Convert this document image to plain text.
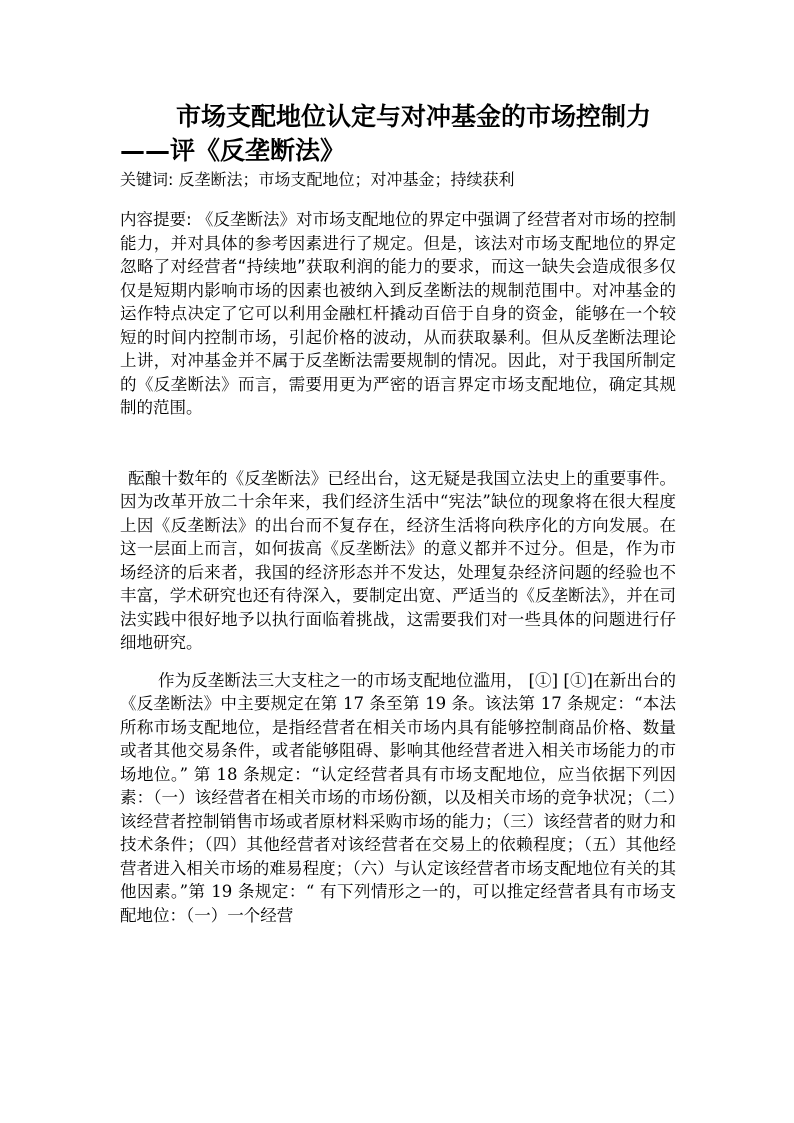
市场支配地位认定与对冲基金的市场控制力——评《反垄断法》

关键词: 反垄断法；市场支配地位；对冲基金；持续获利

内容提要: 《反垄断法》对市场支配地位的界定中强调了经营者对市场的控制能力，并对具体的参考因素进行了规定。但是，该法对市场支配地位的界定忽略了对经营者“持续地”获取利润的能力的要求，而这一缺失会造成很多仅仅是短期内影响市场的因素也被纳入到反垄断法的规制范围中。对冲基金的运作特点决定了它可以利用金融杠杆撬动百倍于自身的资金，能够在一个较短的时间内控制市场，引起价格的波动，从而获取暴利。但从反垄断法理论上讲，对冲基金并不属于反垄断法需要规制的情况。因此，对于我国所制定的《反垄断法》而言，需要用更为严密的语言界定市场支配地位，确定其规制的范围。

酝酿十数年的《反垄断法》已经出台，这无疑是我国立法史上的重要事件。因为改革开放二十余年来，我们经济生活中“宪法”缺位的现象将在很大程度上因《反垄断法》的出台而不复存在，经济生活将向秩序化的方向发展。在这一层面上而言，如何拔高《反垄断法》的意义都并不过分。但是，作为市场经济的后来者，我国的经济形态并不发达，处理复杂经济问题的经验也不丰富，学术研究也还有待深入，要制定出宽、严适当的《反垄断法》，并在司法实践中很好地予以执行面临着挑战，这需要我们对一些具体的问题进行仔细地研究。

作为反垄断法三大支柱之一的市场支配地位滥用， [①] [①]在新出台的《反垄断法》中主要规定在第 17 条至第 19 条。该法第 17 条规定：“本法所称市场支配地位，是指经营者在相关市场内具有能够控制商品价格、数量或者其他交易条件，或者能够阻碍、影响其他经营者进入相关市场能力的市场地位。” 第 18 条规定：“认定经营者具有市场支配地位，应当依据下列因素：（一）该经营者在相关市场的市场份额，以及相关市场的竞争状况；（二）该经营者控制销售市场或者原材料采购市场的能力；（三）该经营者的财力和技术条件；（四）其他经营者对该经营者在交易上的依赖程度；（五）其他经营者进入相关市场的难易程度；（六）与认定该经营者市场支配地位有关的其他因素。”第 19 条规定：“ 有下列情形之一的，可以推定经营者具有市场支配地位：（一）一个经营
